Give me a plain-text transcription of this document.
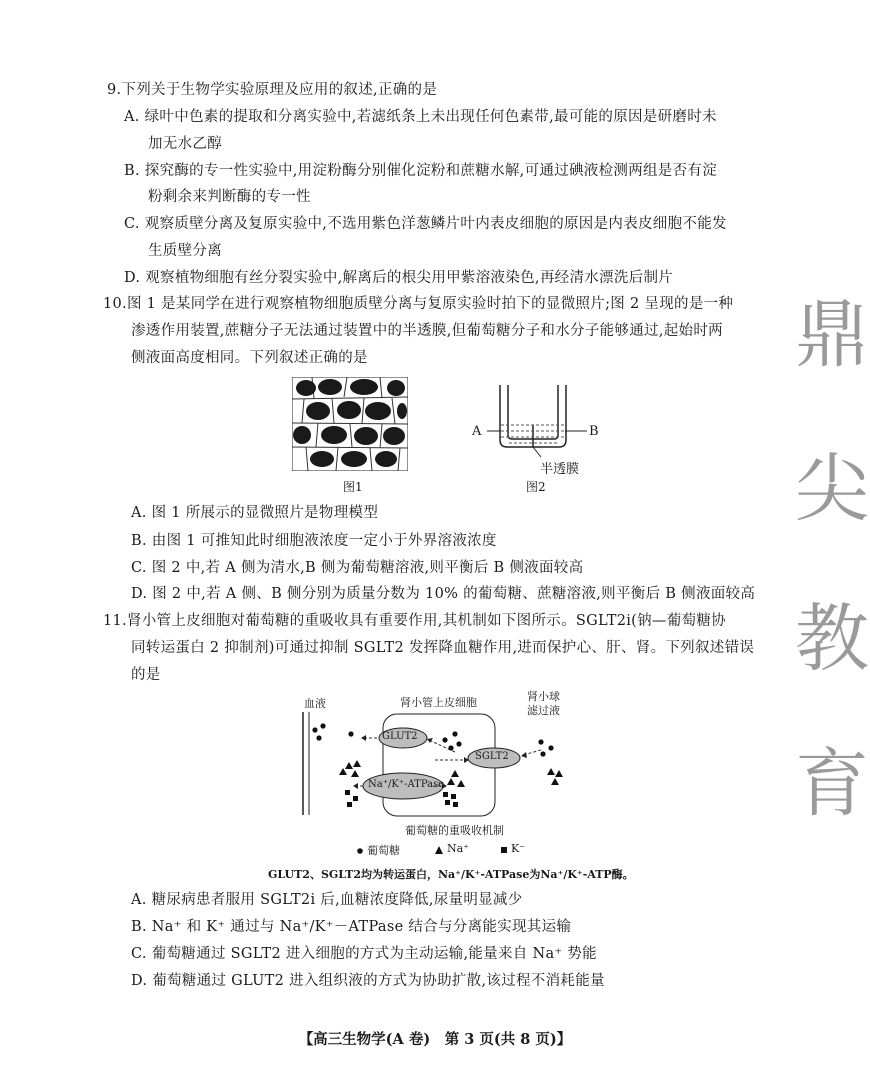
9.下列关于生物学实验原理及应用的叙述,正确的是
A. 绿叶中色素的提取和分离实验中,若滤纸条上未出现任何色素带,最可能的原因是研磨时未
加无水乙醇
B. 探究酶的专一性实验中,用淀粉酶分别催化淀粉和蔗糖水解,可通过碘液检测两组是否有淀
粉剩余来判断酶的专一性
C. 观察质壁分离及复原实验中,不选用紫色洋葱鳞片叶内表皮细胞的原因是内表皮细胞不能发
生质壁分离
D. 观察植物细胞有丝分裂实验中,解离后的根尖用甲紫溶液染色,再经清水漂洗后制片
10.图 1 是某同学在进行观察植物细胞质壁分离与复原实验时拍下的显微照片;图 2 呈现的是一种
渗透作用装置,蔗糖分子无法通过装置中的半透膜,但葡萄糖分子和水分子能够通过,起始时两
侧液面高度相同。下列叙述正确的是
图1
A	B
半透膜
图2
A. 图 1 所展示的显微照片是物理模型
B. 由图 1 可推知此时细胞液浓度一定小于外界溶液浓度
C. 图 2 中,若 A 侧为清水,B 侧为葡萄糖溶液,则平衡后 B 侧液面较高
D. 图 2 中,若 A 侧、B 侧分别为质量分数为 10% 的葡萄糖、蔗糖溶液,则平衡后 B 侧液面较高
11.肾小管上皮细胞对葡萄糖的重吸收具有重要作用,其机制如下图所示。SGLT2i(钠—葡萄糖协
同转运蛋白 2 抑制剂)可通过抑制 SGLT2 发挥降血糖作用,进而保护心、肝、肾。下列叙述错误
的是
血液	肾小管上皮细胞	肾小球
滤过液
GLUT2
SGLT2
Na⁺/K⁺-ATPase
葡萄糖的重吸收机制
葡萄糖	Na⁺	K⁻
GLUT2、SGLT2均为转运蛋白，Na⁺/K⁺-ATPase为Na⁺/K⁺-ATP酶。
A. 糖尿病患者服用 SGLT2i 后,血糖浓度降低,尿量明显减少
B. Na⁺ 和 K⁺ 通过与 Na⁺/K⁺－ATPase 结合与分离能实现其运输
C. 葡萄糖通过 SGLT2 进入细胞的方式为主动运输,能量来自 Na⁺ 势能
D. 葡萄糖通过 GLUT2 进入组织液的方式为协助扩散,该过程不消耗能量
鼎
尖
教
育
【高三生物学(A 卷)　第 3 页(共 8 页)】
